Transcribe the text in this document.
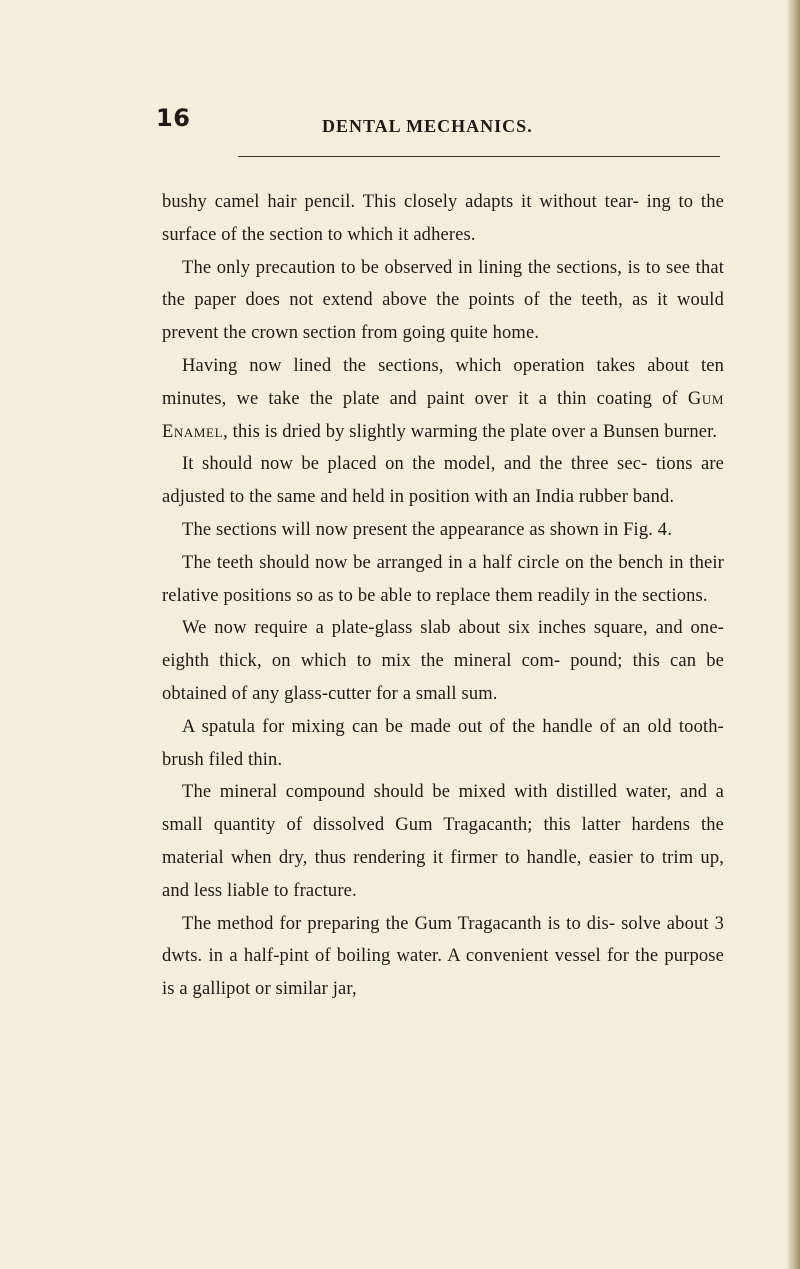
16	DENTAL MECHANICS.

bushy camel hair pencil. This closely adapts it without tear- ing to the surface of the section to which it adheres.

The only precaution to be observed in lining the sections, is to see that the paper does not extend above the points of the teeth, as it would prevent the crown section from going quite home.

Having now lined the sections, which operation takes about ten minutes, we take the plate and paint over it a thin coating of Gum Enamel, this is dried by slightly warming the plate over a Bunsen burner.

It should now be placed on the model, and the three sec- tions are adjusted to the same and held in position with an India rubber band.

The sections will now present the appearance as shown in Fig. 4.

The teeth should now be arranged in a half circle on the bench in their relative positions so as to be able to replace them readily in the sections.

We now require a plate-glass slab about six inches square, and one-eighth thick, on which to mix the mineral com- pound; this can be obtained of any glass-cutter for a small sum.

A spatula for mixing can be made out of the handle of an old tooth-brush filed thin.

The mineral compound should be mixed with distilled water, and a small quantity of dissolved Gum Tragacanth; this latter hardens the material when dry, thus rendering it firmer to handle, easier to trim up, and less liable to fracture.

The method for preparing the Gum Tragacanth is to dis- solve about 3 dwts. in a half-pint of boiling water. A convenient vessel for the purpose is a gallipot or similar jar,
